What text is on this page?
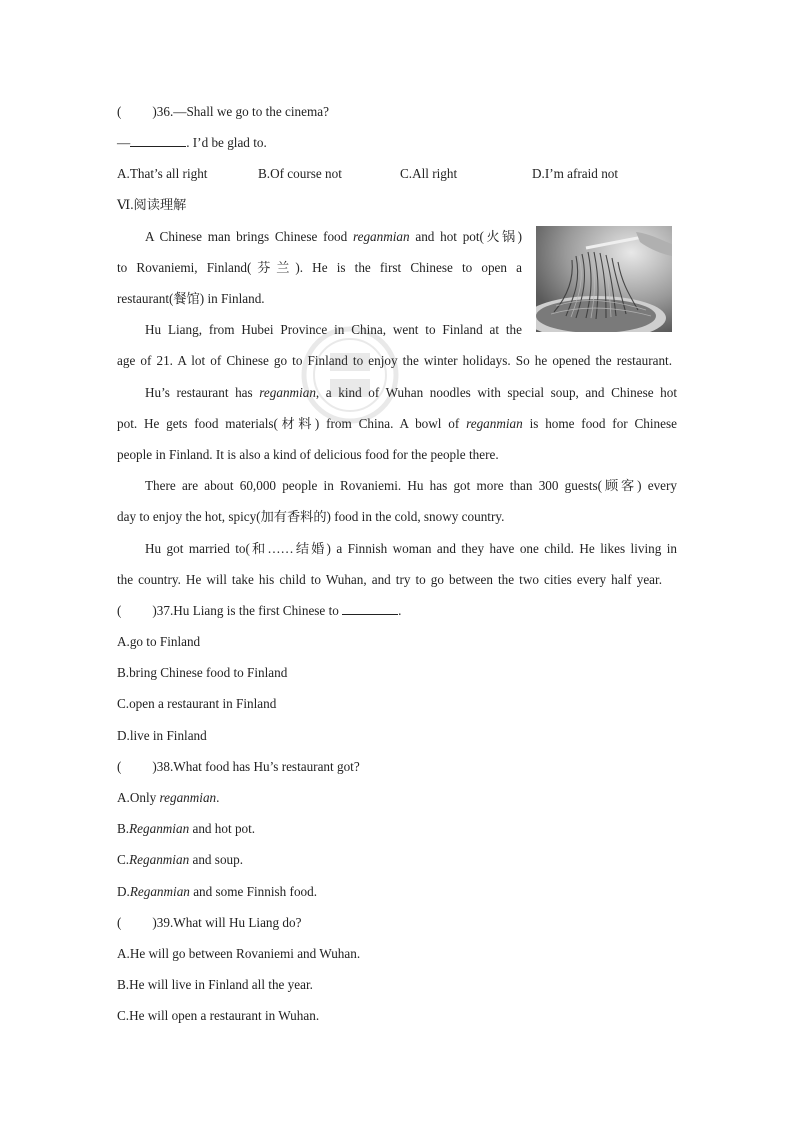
( )36.—Shall we go to the cinema?
—	. I’d be glad to.
A.That’s all right	B.Of course not	C.All right	D.I’m afraid not
Ⅵ.阅读理解
A Chinese man brings Chinese food reganmian and hot pot(火锅)
to Rovaniemi, Finland(芬兰). He is the first Chinese to open a
restaurant(餐馆) in Finland.
Hu Liang, from Hubei Province in China, went to Finland at the
age of 21. A lot of Chinese go to Finland to enjoy the winter holidays. So he opened the restaurant.
Hu’s restaurant has reganmian, a kind of Wuhan noodles with special soup, and Chinese hot
pot. He gets food materials(材料) from China. A bowl of reganmian is home food for Chinese
people in Finland. It is also a kind of delicious food for the people there.
There are about 60,000 people in Rovaniemi. Hu has got more than 300 guests(顾客) every
day to enjoy the hot, spicy(加有香料的) food in the cold, snowy country.
Hu got married to(和……结婚) a Finnish woman and they have one child. He likes living in
the country. He will take his child to Wuhan, and try to go between the two cities every half year.
( )37.Hu Liang is the first Chinese to	.
A.go to Finland
B.bring Chinese food to Finland
C.open a restaurant in Finland
D.live in Finland
( )38.What food has Hu’s restaurant got?
A.Only reganmian.
B.Reganmian and hot pot.
C.Reganmian and soup.
D.Reganmian and some Finnish food.
( )39.What will Hu Liang do?
A.He will go between Rovaniemi and Wuhan.
B.He will live in Finland all the year.
C.He will open a restaurant in Wuhan.
